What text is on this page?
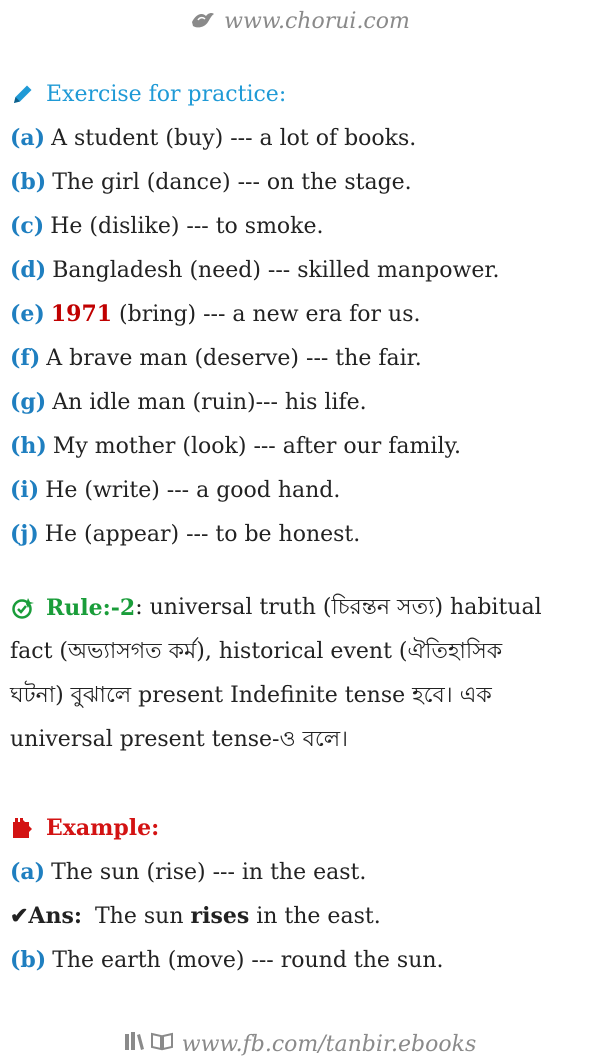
www.chorui.com
Exercise for practice:
(a) A student (buy) --- a lot of books.
(b) The girl (dance) --- on the stage.
(c) He (dislike) --- to smoke.
(d) Bangladesh (need) --- skilled manpower.
(e) 1971 (bring) --- a new era for us.
(f) A brave man (deserve) --- the fair.
(g) An idle man (ruin)--- his life.
(h) My mother (look) --- after our family.
(i) He (write) --- a good hand.
(j) He (appear) --- to be honest.
Rule:-2 : universal truth (চিরন্তন সত্য) habitual
fact (অভ্যাসগত কর্ম), historical event (ঐতিহাসিক
ঘটনা) বুঝালে present Indefinite tense হবে। এক
universal present tense-ও বলে।
Example:
(a) The sun (rise) --- in the east.
✔Ans: The sun rises in the east.
(b) The earth (move) --- round the sun.
www.fb.com/tanbir.ebooks
